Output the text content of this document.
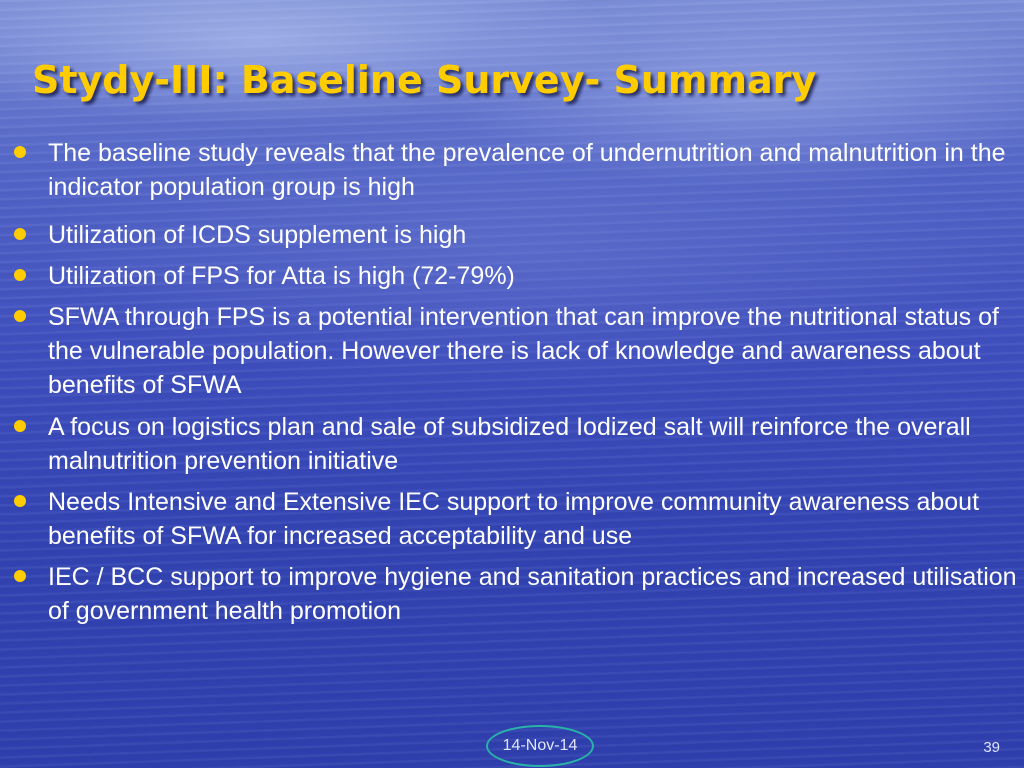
Stydy-III: Baseline Survey- Summary

The baseline study reveals that the prevalence of undernutrition and malnutrition in the indicator population group is high

Utilization of ICDS supplement is high

Utilization of FPS for Atta is high (72-79%)

SFWA through FPS is a potential intervention that can improve the nutritional status of the vulnerable population. However there is lack of knowledge and awareness about benefits of SFWA

A focus on logistics plan and sale of subsidized Iodized salt will reinforce the overall malnutrition prevention initiative

Needs Intensive and Extensive IEC support to improve community awareness about benefits of SFWA for increased acceptability and use

IEC / BCC support to improve hygiene and sanitation practices and increased utilisation of government health promotion

14-Nov-14	39
